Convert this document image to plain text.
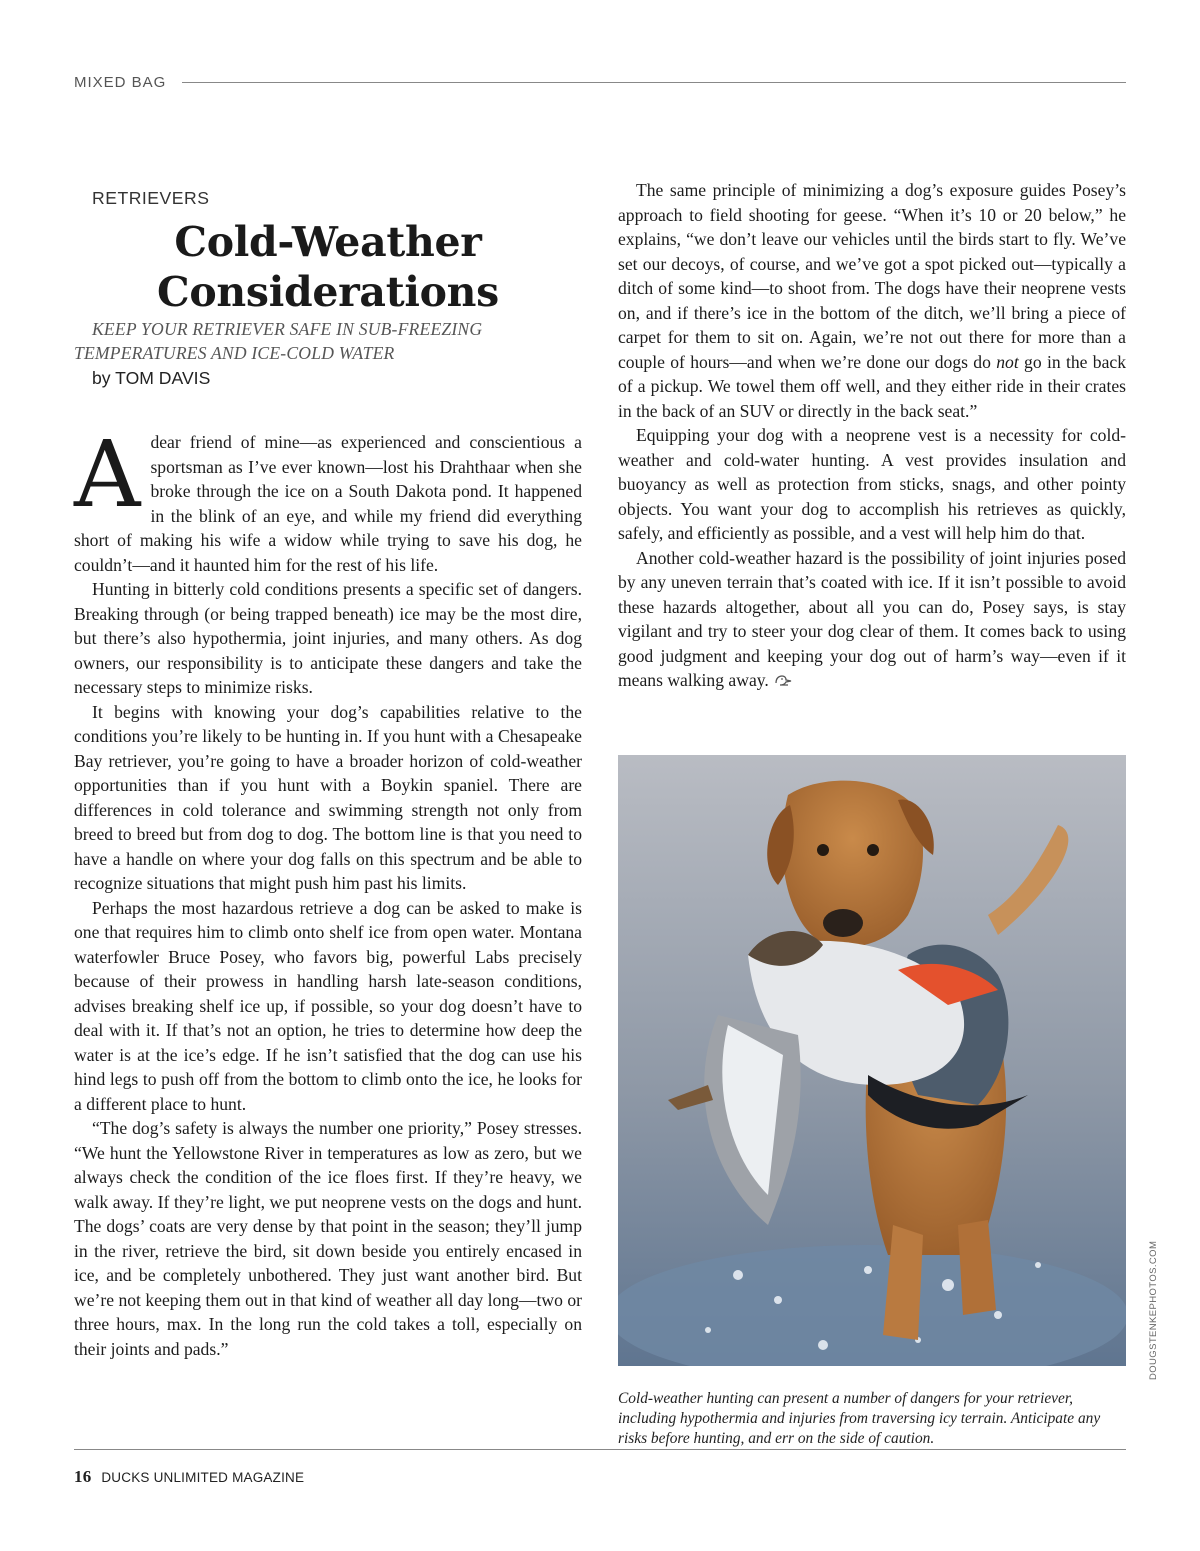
MIXED BAG

RETRIEVERS

Cold-Weather
Considerations

KEEP YOUR RETRIEVER SAFE IN SUB-FREEZING
TEMPERATURES AND ICE-COLD WATER

by TOM DAVIS

Adear friend of mine—as experienced and conscientious a sportsman as I’ve ever known—lost his Drahthaar when she broke through the ice on a South Dakota pond. It happened in the blink of an eye, and while my friend did everything short of making his wife a widow while trying to save his dog, he couldn’t—and it haunted him for the rest of his life.

Hunting in bitterly cold conditions presents a specific set of dangers. Breaking through (or being trapped beneath) ice may be the most dire, but there’s also hypothermia, joint injuries, and many others. As dog owners, our responsibility is to anticipate these dangers and take the necessary steps to minimize risks.

It begins with knowing your dog’s capabilities relative to the conditions you’re likely to be hunting in. If you hunt with a Chesapeake Bay retriever, you’re going to have a broader horizon of cold-weather opportunities than if you hunt with a Boykin spaniel. There are differences in cold tolerance and swimming strength not only from breed to breed but from dog to dog. The bottom line is that you need to have a handle on where your dog falls on this spectrum and be able to recognize situations that might push him past his limits.

Perhaps the most hazardous retrieve a dog can be asked to make is one that requires him to climb onto shelf ice from open water. Montana waterfowler Bruce Posey, who favors big, powerful Labs precisely because of their prowess in handling harsh late-season conditions, advises breaking shelf ice up, if possible, so your dog doesn’t have to deal with it. If that’s not an option, he tries to determine how deep the water is at the ice’s edge. If he isn’t satisfied that the dog can use his hind legs to push off from the bottom to climb onto the ice, he looks for a different place to hunt.

“The dog’s safety is always the number one priority,” Posey stresses. “We hunt the Yellowstone River in temperatures as low as zero, but we always check the condition of the ice floes first. If they’re heavy, we walk away. If they’re light, we put neoprene vests on the dogs and hunt. The dogs’ coats are very dense by that point in the season; they’ll jump in the river, retrieve the bird, sit down beside you entirely encased in ice, and be completely unbothered. They just want another bird. But we’re not keeping them out in that kind of weather all day long—two or three hours, max. In the long run the cold takes a toll, especially on their joints and pads.”

The same principle of minimizing a dog’s exposure guides Posey’s approach to field shooting for geese. “When it’s 10 or 20 below,” he explains, “we don’t leave our vehicles until the birds start to fly. We’ve set our decoys, of course, and we’ve got a spot picked out—typically a ditch of some kind—to shoot from. The dogs have their neoprene vests on, and if there’s ice in the bottom of the ditch, we’ll bring a piece of carpet for them to sit on. Again, we’re not out there for more than a couple of hours—and when we’re done our dogs do not go in the back of a pickup. We towel them off well, and they either ride in their crates in the back of an SUV or directly in the back seat.”

Equipping your dog with a neoprene vest is a necessity for cold-weather and cold-water hunting. A vest provides insulation and buoyancy as well as protection from sticks, snags, and other pointy objects. You want your dog to accomplish his retrieves as quickly, safely, and efficiently as possible, and a vest will help him do that.

Another cold-weather hazard is the possibility of joint injuries posed by any uneven terrain that’s coated with ice. If it isn’t possible to avoid these hazards altogether, about all you can do, Posey says, is stay vigilant and try to steer your dog clear of them. It comes back to using good judgment and keeping your dog out of harm’s way—even if it means walking away.

DOUGSTENKEPHOTOS.COM

Cold-weather hunting can present a number of dangers for your retriever, including hypothermia and injuries from traversing icy terrain. Anticipate any risks before hunting, and err on the side of caution.

16 DUCKS UNLIMITED MAGAZINE
